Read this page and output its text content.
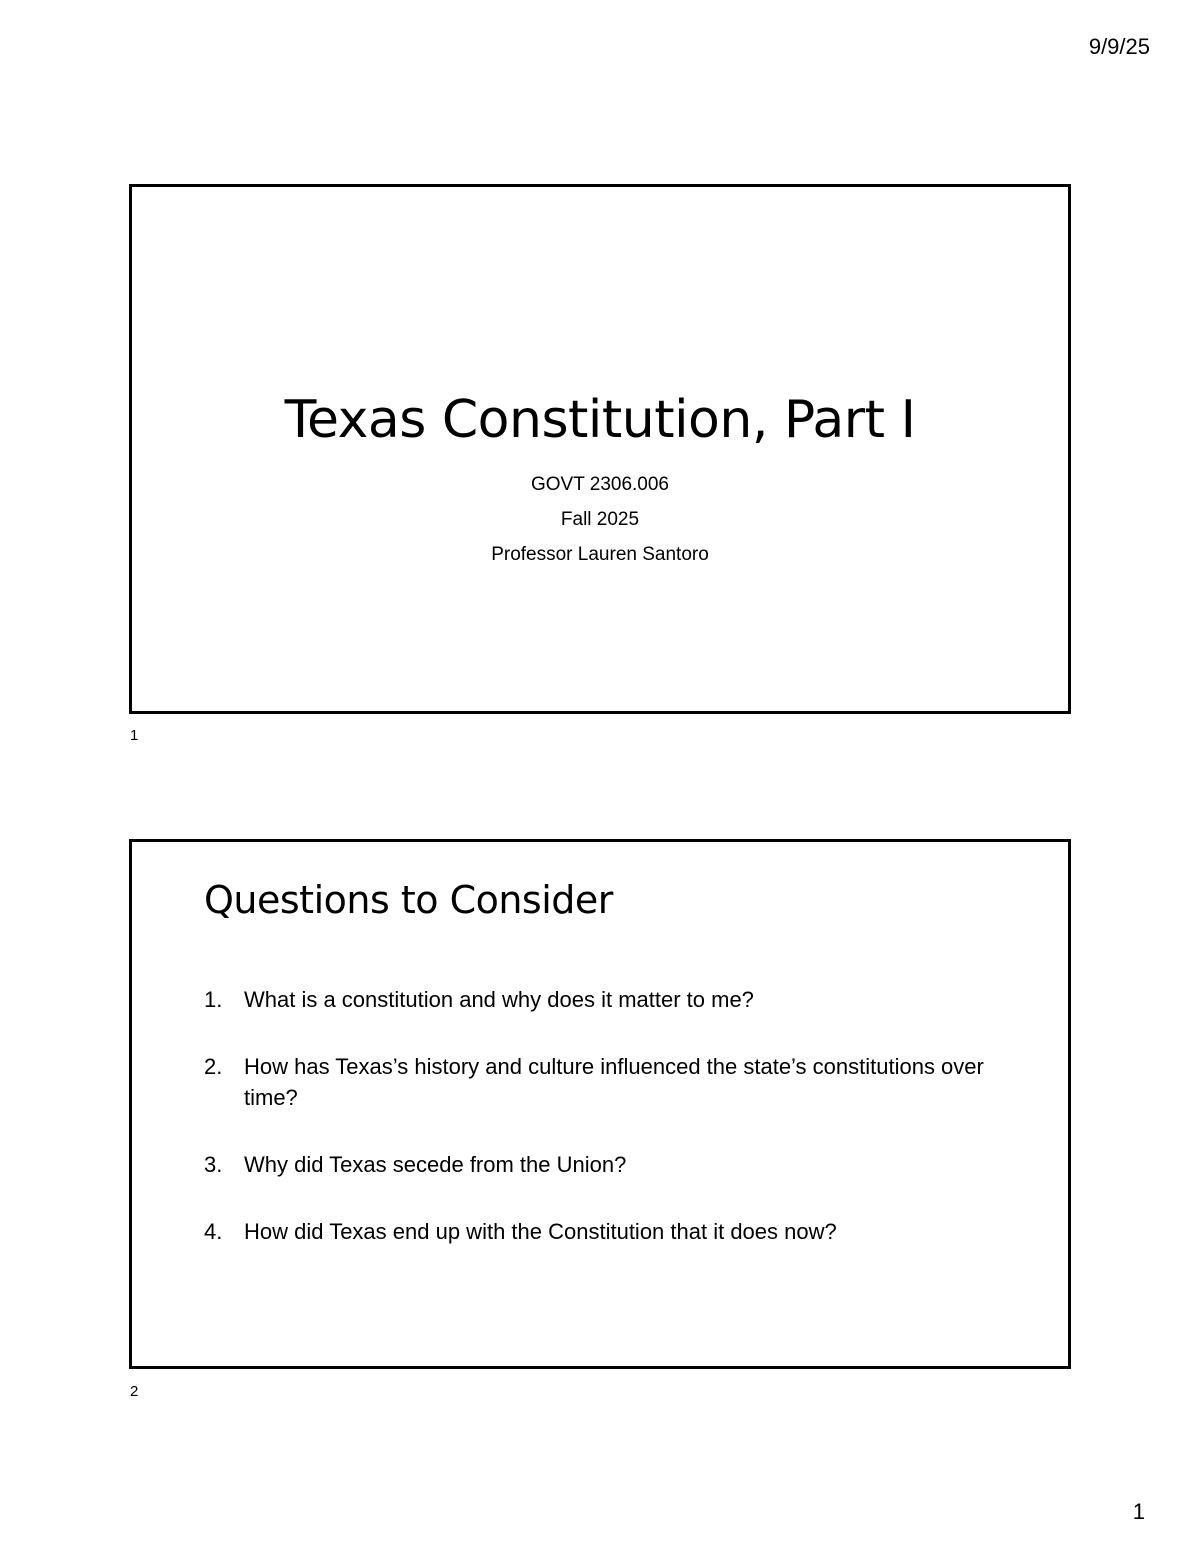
9/9/25
Texas Constitution, Part I
GOVT 2306.006
Fall 2025
Professor Lauren Santoro
1
Questions to Consider
1. What is a constitution and why does it matter to me?
2. How has Texas’s history and culture influenced the state’s constitutions over time?
3. Why did Texas secede from the Union?
4. How did Texas end up with the Constitution that it does now?
2
1
